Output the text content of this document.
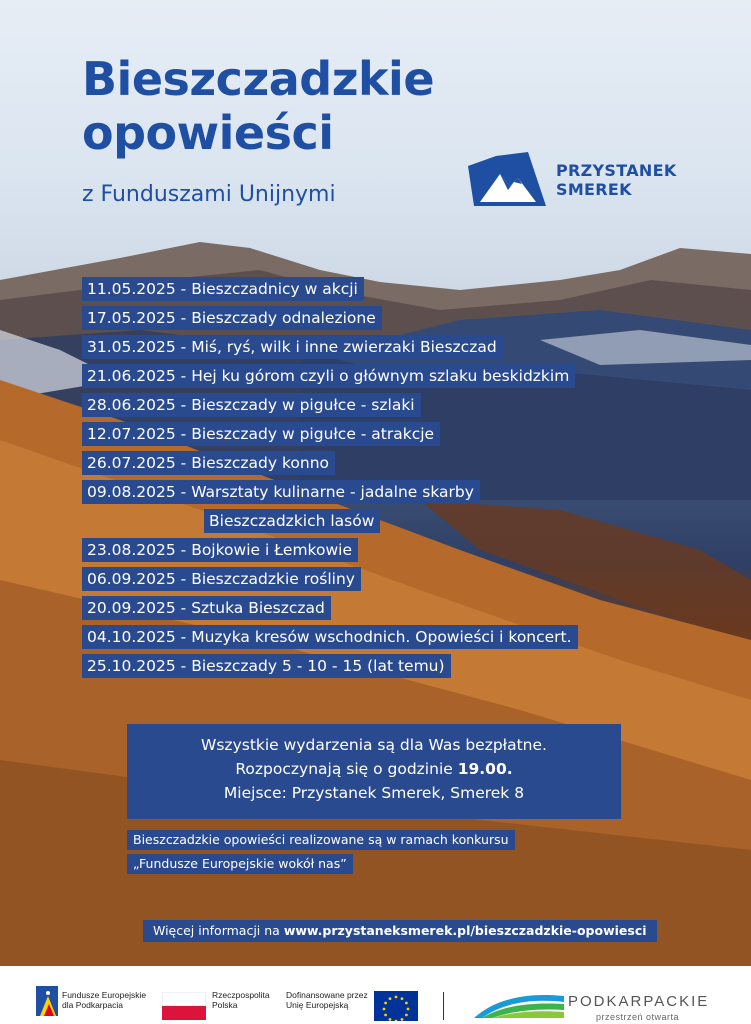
Bieszczadzkie
opowieści
z Funduszami Unijnymi
PRZYSTANEK
SMEREK
11.05.2025 - Bieszczadnicy w akcji
17.05.2025 - Bieszczady odnalezione
31.05.2025 - Miś, ryś, wilk i inne zwierzaki Bieszczad
21.06.2025 - Hej ku górom czyli o głównym szlaku beskidzkim
28.06.2025 - Bieszczady w pigułce - szlaki
12.07.2025 - Bieszczady w pigułce - atrakcje
26.07.2025 - Bieszczady konno
09.08.2025 - Warsztaty kulinarne - jadalne skarby
Bieszczadzkich lasów
23.08.2025 - Bojkowie i Łemkowie
06.09.2025 - Bieszczadzkie rośliny
20.09.2025 - Sztuka Bieszczad
04.10.2025 - Muzyka kresów wschodnich. Opowieści i koncert.
25.10.2025 - Bieszczady 5 - 10 - 15 (lat temu)
Wszystkie wydarzenia są dla Was bezpłatne.
Rozpoczynają się o godzinie 19.00.
Miejsce: Przystanek Smerek, Smerek 8
Bieszczadzkie opowieści realizowane są w ramach konkursu
„Fundusze Europejskie wokół nas”
Więcej informacji na www.przystaneksmerek.pl/bieszczadzkie-opowiesci
Fundusze Europejskie
dla Podkarpacia
Rzeczpospolita
Polska
Dofinansowane przez
Unię Europejską	PODKARPACKIE
przestrzeń otwarta
